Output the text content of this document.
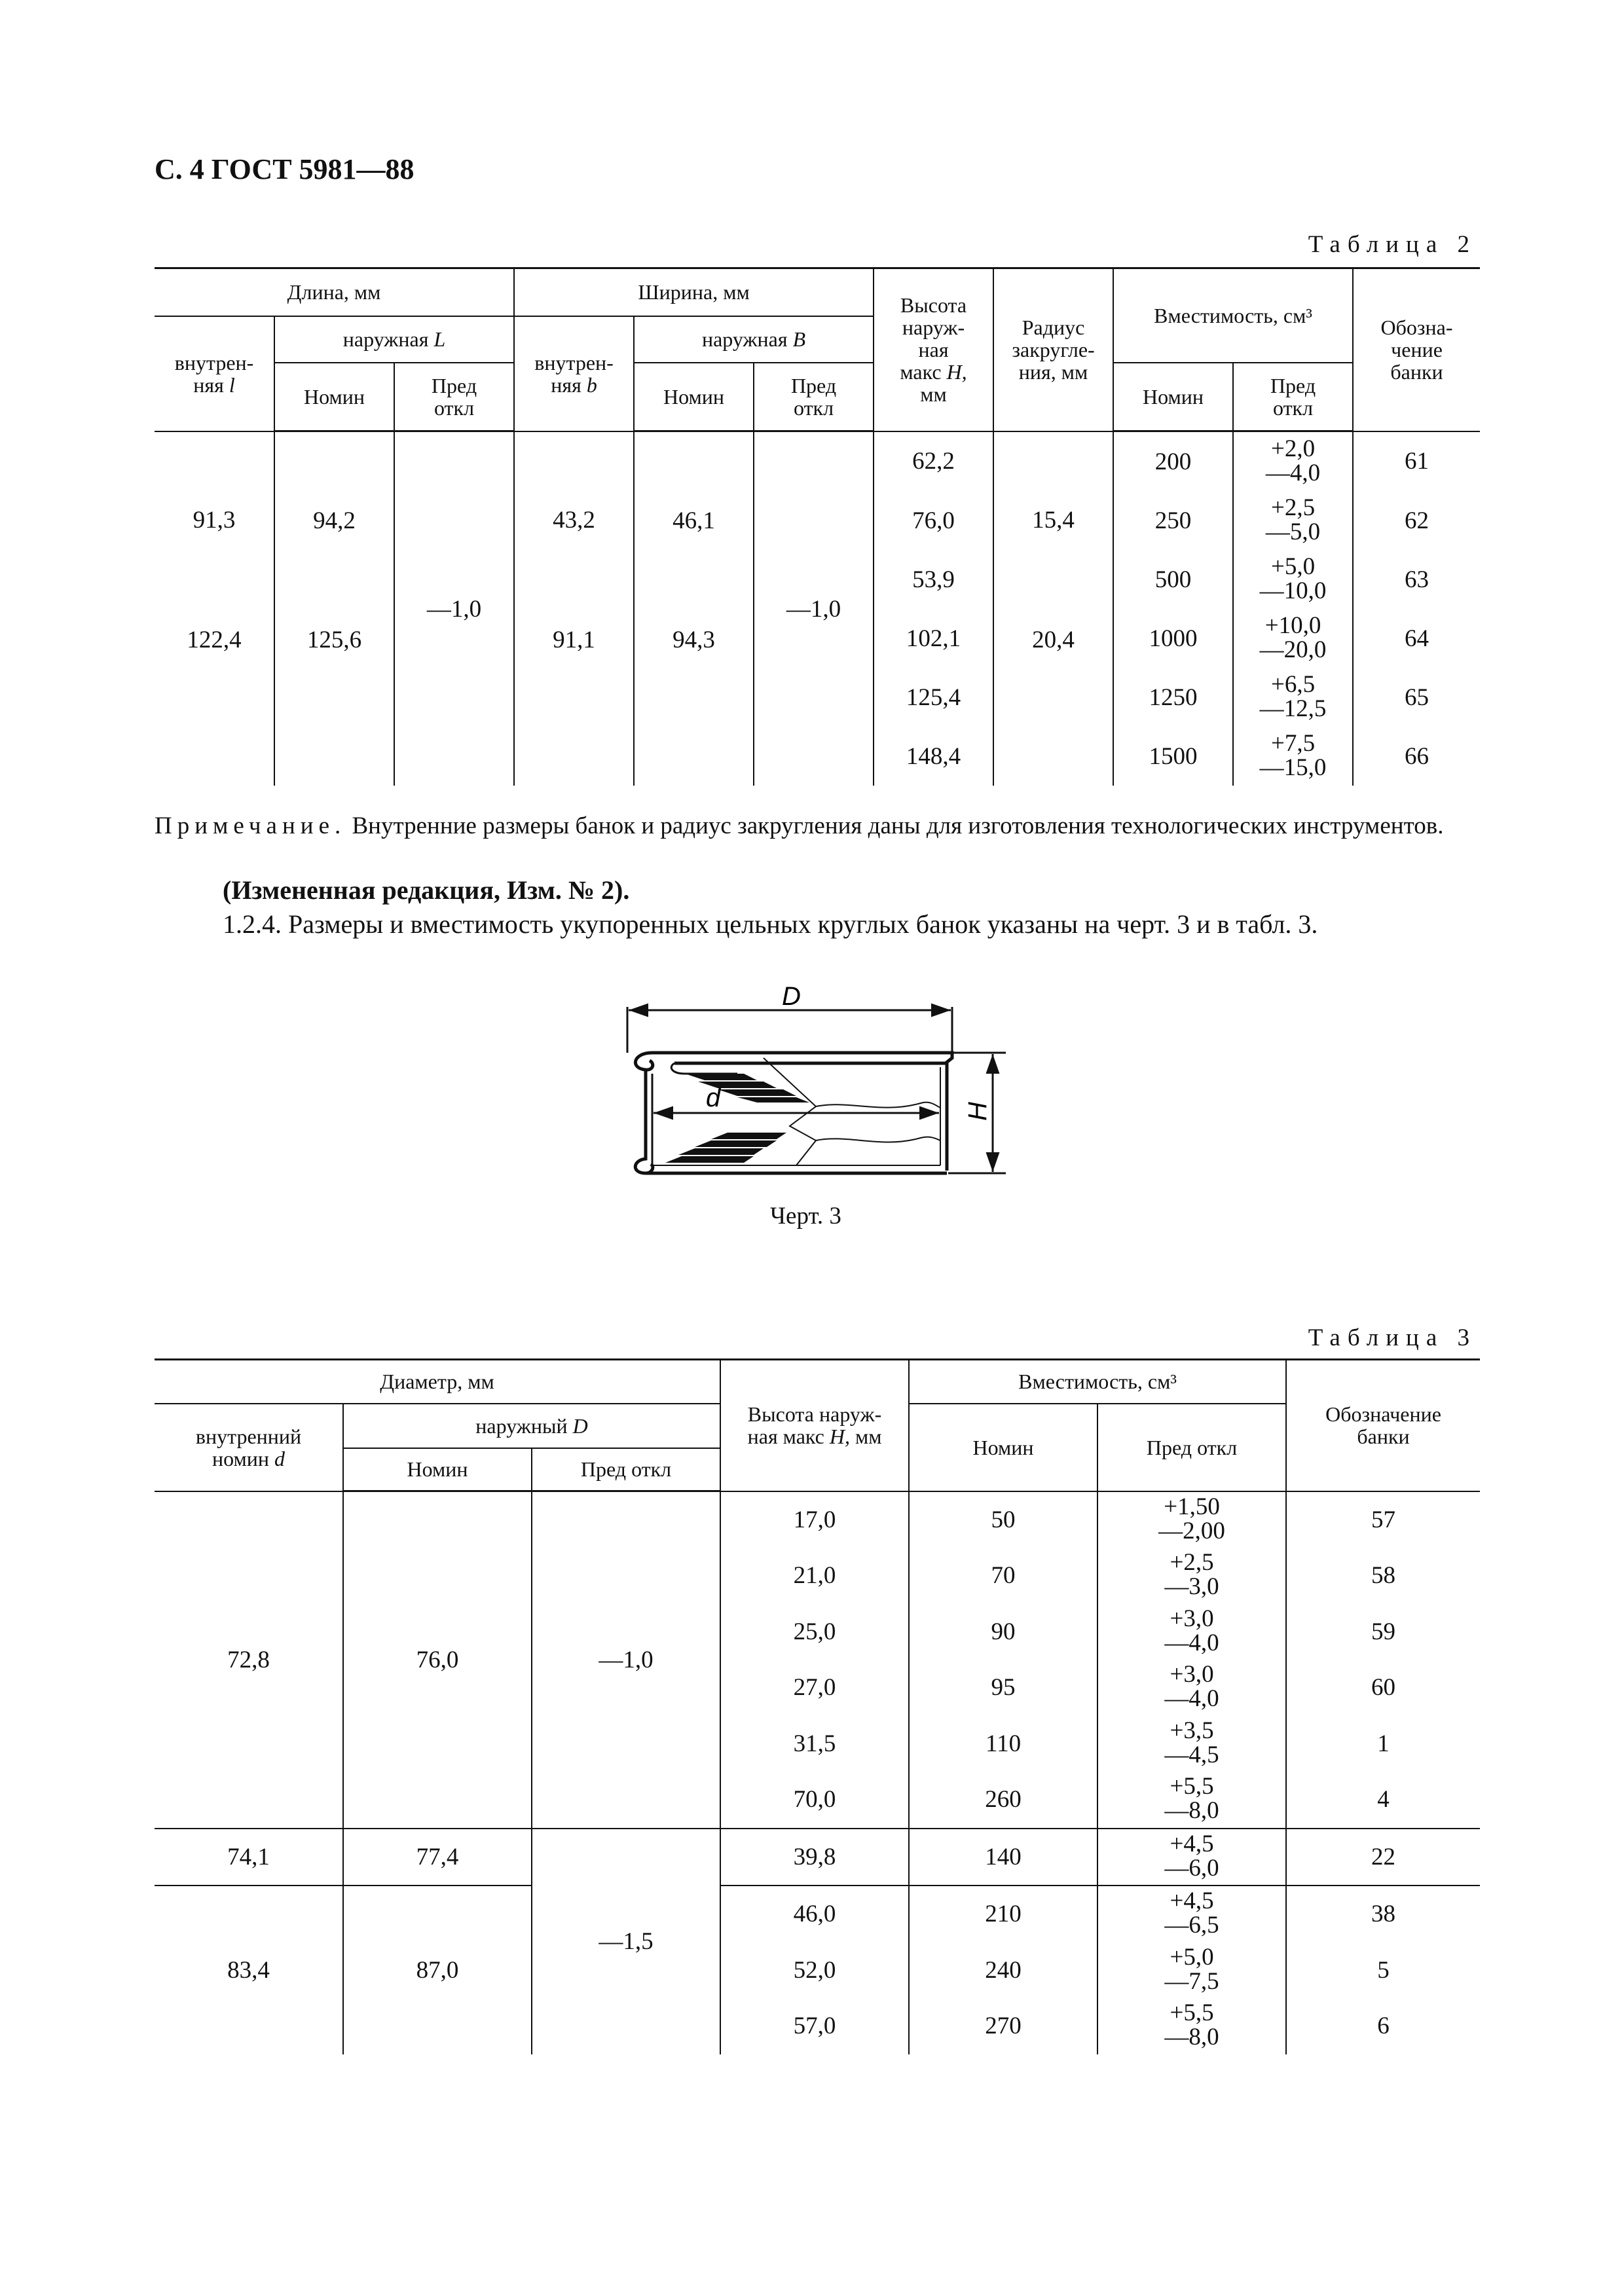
С. 4 ГОСТ 5981—88
Таблица 2
Длина, мм			Ширина, мм			Высота
наруж-
ная
макс H,
мм	Радиус
закругле-
ния, мм	Вместимость, см³		Обозна-
чение
банки
внутрен-
няя l	наружная L		внутрен-
няя b	наружная B						
	Номин	Пред
откл		Номин	Пред
откл			Номин	Пред
откл	
91,3	94,2	—1,0	43,2	46,1	—1,0	62,2	15,4	200	+2,0
—4,0	61
						76,0		250	+2,5
—5,0	62
						53,9		500	+5,0
—10,0	63
122,4	125,6		91,1	94,3		102,1	20,4	1000	+10,0
—20,0	64
						125,4		1250	+6,5
—12,5	65
						148,4		1500	+7,5
—15,0	66
Примечание. Внутренние размеры банок и радиус закругления даны для изготовления технологических инструментов.
(Измененная редакция, Изм. № 2).
1.2.4. Размеры и вместимость укупоренных цельных круглых банок указаны на черт. 3 и в табл. 3.
D
d	H
Черт. 3
Таблица 3
Диаметр, мм			Высота наруж-
ная макс H, мм	Вместимость, см³		Обозначение
банки
внутренний
номин d	наружный D			Номин	Пред откл	
	Номин	Пред откл				
72,8	76,0	—1,0	17,0	50	+1,50
—2,00	57
			21,0	70	+2,5
—3,0	58
			25,0	90	+3,0
—4,0	59
			27,0	95	+3,0
—4,0	60
			31,5	110	+3,5
—4,5	1
			70,0	260	+5,5
—8,0	4
74,1	77,4	—1,5	39,8	140	+4,5
—6,0	22
83,4	87,0		46,0	210	+4,5
—6,5	38
			52,0	240	+5,0
—7,5	5
			57,0	270	+5,5
—8,0	6
